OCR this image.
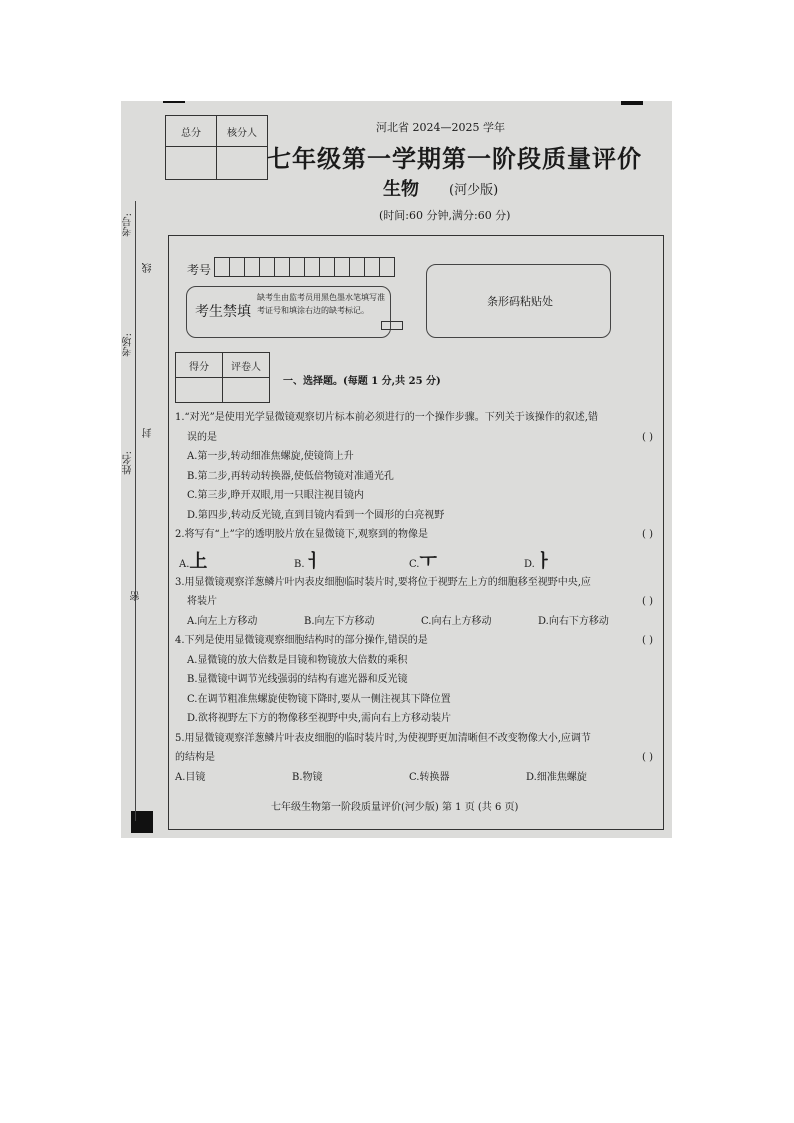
总分	核分人
		河北省 2024—2025 学年
七年级第一学期第一阶段质量评价
生物 (河少版)
(时间:60 分钟,满分:60 分)
考号:
线
考场:
封
姓名:
密
考号
考生禁填
缺考生由监考员用黑色墨水笔填写准考证号和填涂右边的缺考标记。
条形码粘贴处
得分	评卷人

一、选择题。(每题 1 分,共 25 分)
1.“对光”是使用光学显微镜观察切片标本前必须进行的一个操作步骤。下列关于该操作的叙述,错
误的是	( )
A.第一步,转动细准焦螺旋,使镜筒上升
B.第二步,再转动转换器,使低倍物镜对准通光孔
C.第三步,睁开双眼,用一只眼注视目镜内
D.第四步,转动反光镜,直到目镜内看到一个圆形的白亮视野
2.将写有“上”字的透明胶片放在显微镜下,观察到的物像是	( )
A.上	B.ㅓ	C.ㅜ	D.ㅏ
3.用显微镜观察洋葱鳞片叶内表皮细胞临时装片时,要将位于视野左上方的细胞移至视野中央,应
将装片	( )
A.向左上方移动	B.向左下方移动	C.向右上方移动	D.向右下方移动
4.下列是使用显微镜观察细胞结构时的部分操作,错误的是	( )
A.显微镜的放大倍数是目镜和物镜放大倍数的乘积
B.显微镜中调节光线强弱的结构有遮光器和反光镜
C.在调节粗准焦螺旋使物镜下降时,要从一侧注视其下降位置
D.欲将视野左下方的物像移至视野中央,需向右上方移动装片
5.用显微镜观察洋葱鳞片叶表皮细胞的临时装片时,为使视野更加清晰但不改变物像大小,应调节
的结构是	( )
A.目镜	B.物镜	C.转换器	D.细准焦螺旋
七年级生物第一阶段质量评价(河少版) 第 1 页 (共 6 页)
